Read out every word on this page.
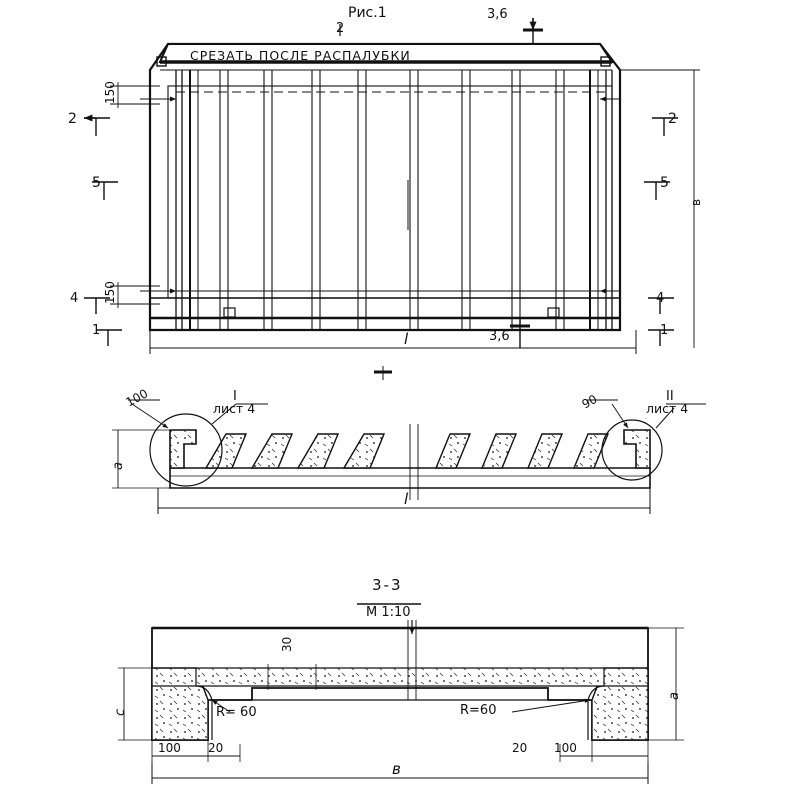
Рис.1
2
3,6
СРЕЗАТЬ ПОСЛЕ РАСПАЛУБКИ
150
150
2
5
4
1
2
5
в
4
1
l	3,6
I
лист 4
II
лист 4
100	90
a
l
3-3
М 1:10
30
c
a
R= 60	R=60
100 20	20 100
в
